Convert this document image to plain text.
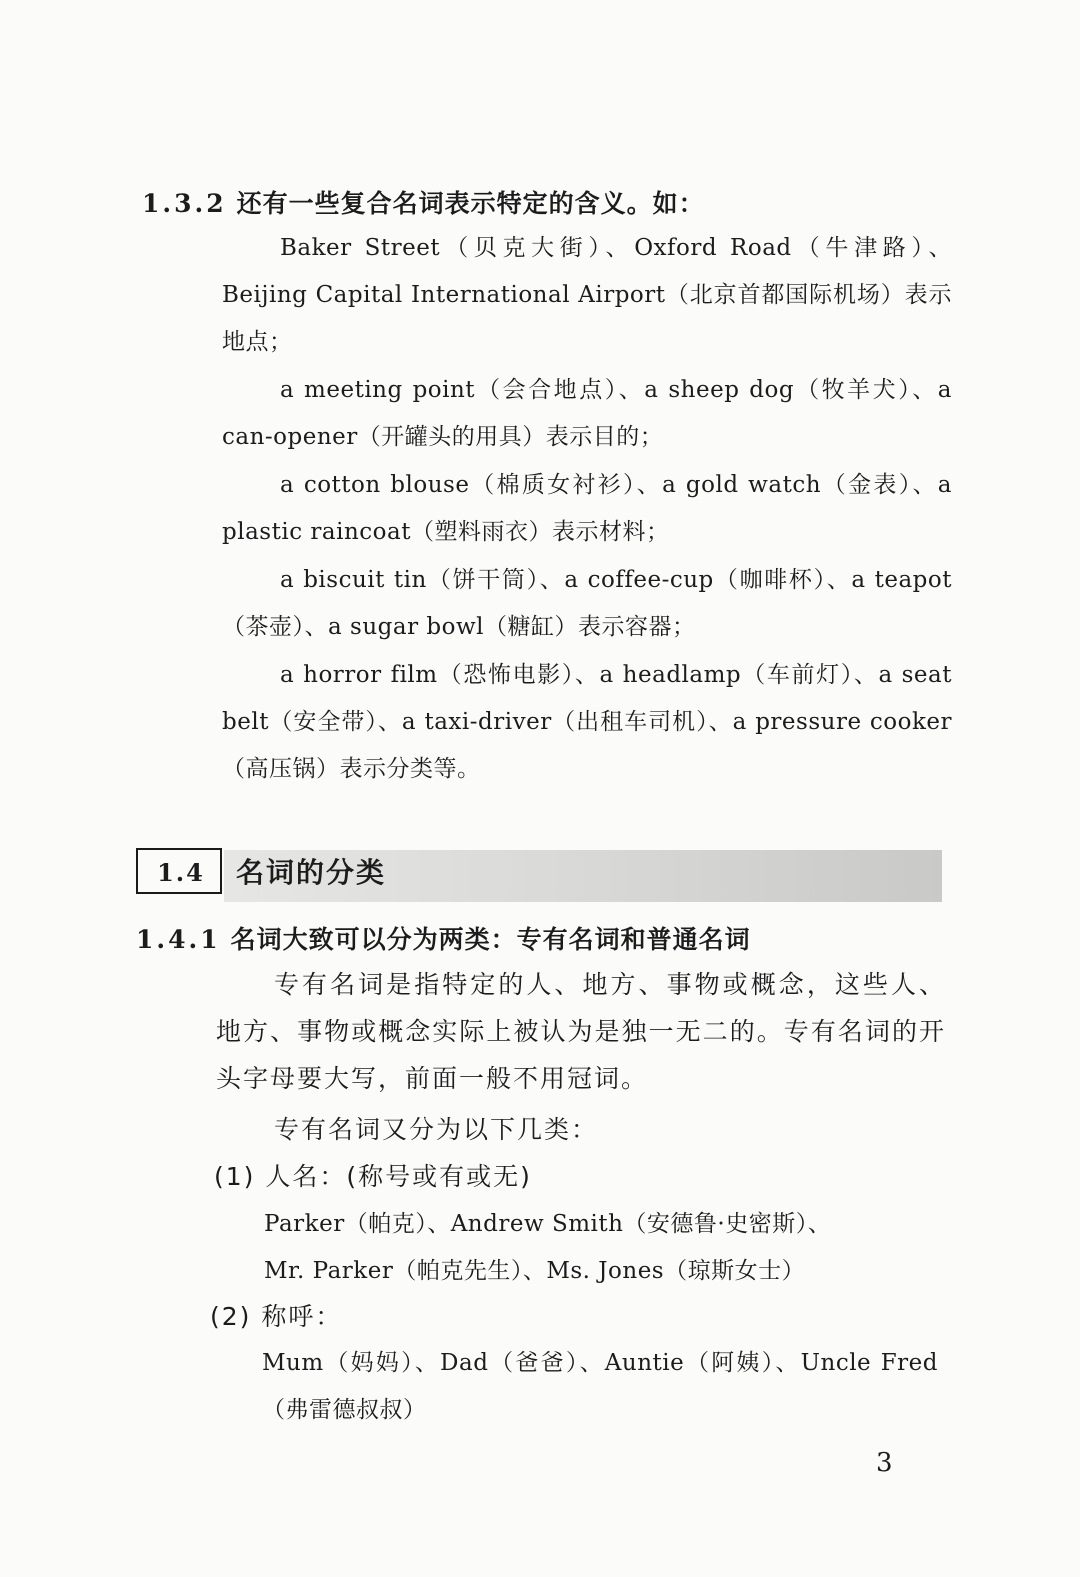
1.3.2 还有一些复合名词表示特定的含义。如：
Baker Street（贝克大街）、Oxford Road（牛津路）、Beijing Capital International Airport（北京首都国际机场）表示地点；
a meeting point（会合地点）、a sheep dog（牧羊犬）、a can-opener（开罐头的用具）表示目的；
a cotton blouse（棉质女衬衫）、a gold watch（金表）、a plastic raincoat（塑料雨衣）表示材料；
a biscuit tin（饼干筒）、a coffee-cup（咖啡杯）、a teapot（茶壶）、a sugar bowl（糖缸）表示容器；
a horror film（恐怖电影）、a headlamp（车前灯）、a seat belt（安全带）、a taxi-driver（出租车司机）、a pressure cooker（高压锅）表示分类等。
1.4	名词的分类
1.4.1 名词大致可以分为两类：专有名词和普通名词
专有名词是指特定的人、地方、事物或概念，这些人、地方、事物或概念实际上被认为是独一无二的。专有名词的开头字母要大写，前面一般不用冠词。
专有名词又分为以下几类：
(1) 人名：(称号或有或无)
Parker（帕克）、Andrew Smith（安德鲁·史密斯）、
Mr. Parker（帕克先生）、Ms. Jones（琼斯女士）
(2) 称呼：
Mum（妈妈）、Dad（爸爸）、Auntie（阿姨）、Uncle Fred（弗雷德叔叔）
3
